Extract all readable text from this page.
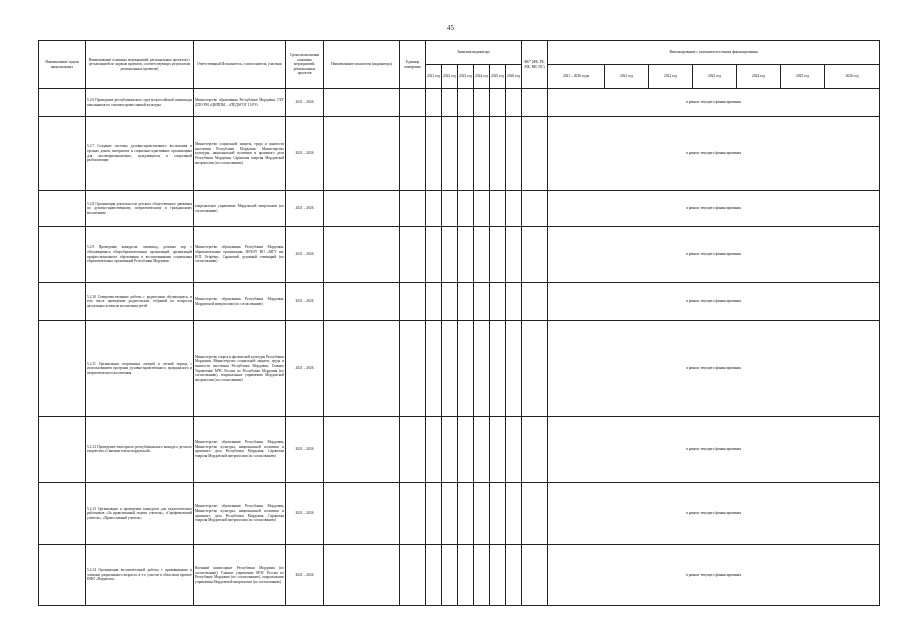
45
Наименование задачи национальных	Наименование основных мероприятий, региональных проектов (с детализацией по задачам проектов, соответствующих результатам региональных проектов)	Ответственный Исполнитель, соисполнитель, участник	Сроки выполнения основных мероприятий, региональных проектов	Наименование показателя (индикатора)	Единица измерения	Значения индикатора						ФБ* (ФБ, РБ, МБ, ВИ, ПС)	Финансирование с указанием источника финансирования						
						2021 год	2022 год	2023 год	2024 год	2025 год	2026 год		2021 – 2026 годы	2021 год	2022 год	2023 год	2024 год	2025 год	2026 год
	5.2.6 Проведение республиканского тура всероссийской олимпиады школьников по основам православной культуры	Министерство образования Республики Мордовия, ГБУ ДПО РМ «ЦНППМ – «ПЕДАГОГ 13.РУ»	2021 – 2026										в рамках текущего финансирования						
	5.2.7 Создание системы духовно-нравственного воспитания в органах домов, интернатах в социально-адаптивных организациях для несовершеннолетних, нуждающихся в социальной реабилитации	Министерство социальной защиты, труда и занятости населения Республики Мордовия, Министерство культуры, национальной политики и архивного дела Республики Мордовия, Саранская епархия Мордовской митрополии (по согласованию)	2021 – 2026										в рамках текущего финансирования						
	5.2.8 Организация деятельности детского общественного движения по духовно-нравственному, патриотическому и гражданскому воспитанию	епархиальное управление Мордовской митрополии (по согласованию)	2021 – 2026										в рамках текущего финансирования						
	5.2.9 Проведение конкурсов, олимпиад, деловых игр с обучающимися общеобразовательных организаций, организаций профессионального образования и воспитанниками социальных образовательных организаций Республики Мордовия	Министерство образования Республики Мордовия, образовательные организации, ФГБОУ ВО «МГУ им. Н.П. Огарёва», Саранский духовный семинарий (по согласованию)	2021 – 2026										в рамках текущего финансирования						
	5.2.10 Совершенствование работы с родителями обучающихся, в том числе проведение родительских собраний по вопросам актуальных аспектов воспитания детей	Министерство образования Республики Мордовия, Мордовской митрополии (по согласованию)	2021 – 2026										в рамках текущего финансирования						
	5.2.11 Организация спортивных лагерей в летний период с использованием программ духовно-нравственного, гражданского и патриотического воспитания	Министерство спорта и физической культуры Республики Мордовия, Министерство социальной защиты, труда и занятости населения Республики Мордовия, Главное Управление МЧС России по Республике Мордовия (по согласованию), епархиальные управления Мордовской митрополии (по согласованию)	2021 – 2026										в рамках текущего финансирования						
	5.2.12 Проведение ежегодного республиканского конкурса детского творчества «Святыни земли мордовской»	Министерство образования Республики Мордовия, Министерство культуры, национальной политики и архивного дела Республики Мордовия, Саранская епархия Мордовской митрополии (по согласованию)	2021 – 2026										в рамках текущего финансирования						
	5.2.13 Организация и проведение конкурсов для педагогических работников «За нравственный подвиг учителя», «Серафимовский учитель», «Православный учитель»	Министерство образования Республики Мордовия, Министерство культуры, национальной политики и архивного дела Республики Мордовия, Саранская епархия Мордовской митрополии (по согласованию)	2021 – 2026										в рамках текущего финансирования						
	5.2.14 Организация воспитательной работы с призывниками и членами допризывного возраста, в т.ч. участие в областном проекте ПФО «Патриоты»	Военный комиссариат Республики Мордовия (по согласованию), Главное управление МЧС России по Республике Мордовия (по согласованию), епархиальные управления Мордовской митрополии (по согласованию)	2021 – 2026										в рамках текущего финансирования						
